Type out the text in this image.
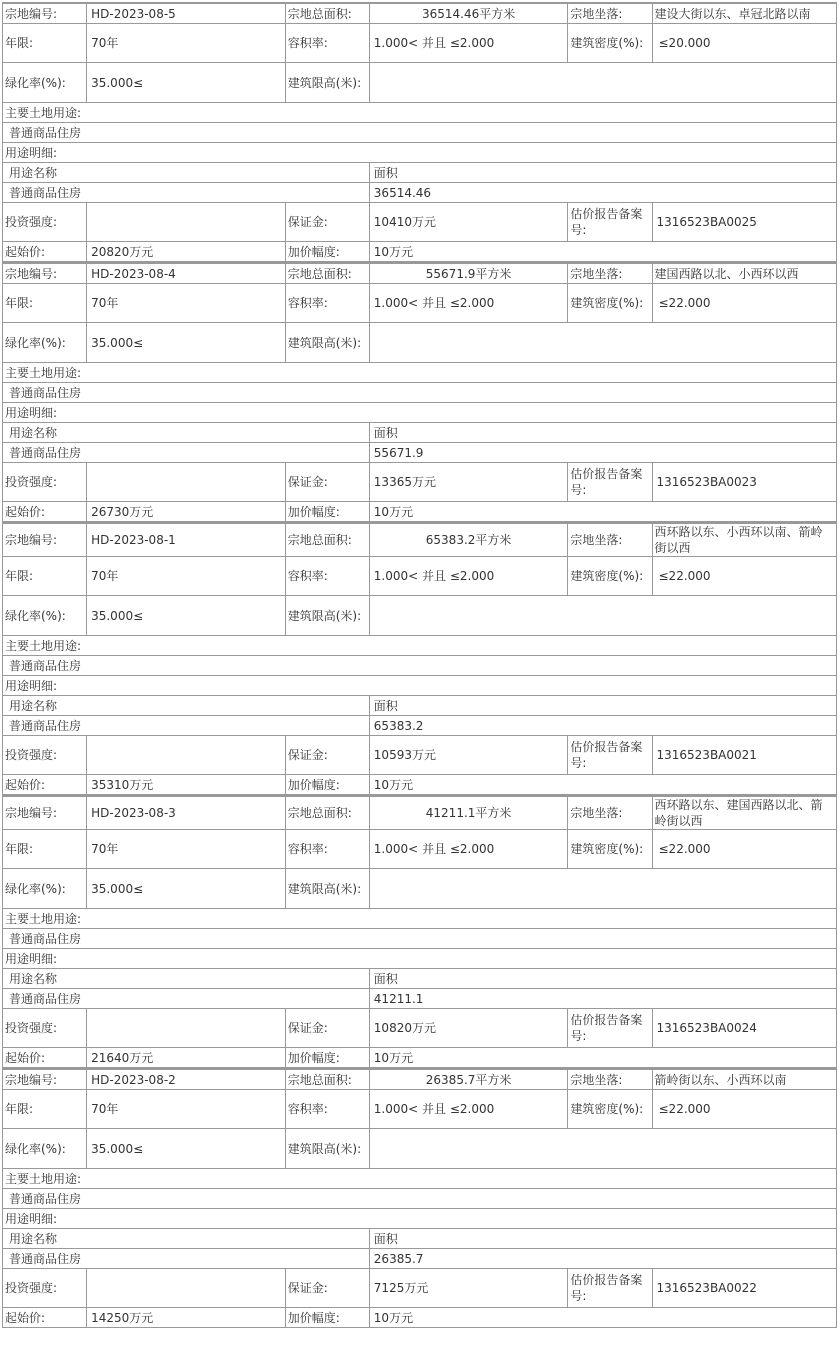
宗地编号:	HD-2023-08-5	宗地总面积:	36514.46平方米	宗地坐落:	建设大街以东、卓冠北路以南
年限:	70年	容积率:	1.000< 并且 ≤2.000	建筑密度(%):	≤20.000
绿化率(%):	35.000≤	建筑限高(米):			
主要土地用途:					
普通商品住房					
用途明细:					
用途名称			面积		
普通商品住房			36514.46		
投资强度:		保证金:	10410万元	估价报告备案号:	1316523BA0025
起始价:	20820万元	加价幅度:	10万元		
宗地编号:	HD-2023-08-4	宗地总面积:	55671.9平方米	宗地坐落:	建国西路以北、小西环以西
年限:	70年	容积率:	1.000< 并且 ≤2.000	建筑密度(%):	≤22.000
绿化率(%):	35.000≤	建筑限高(米):			
主要土地用途:					
普通商品住房					
用途明细:					
用途名称			面积		
普通商品住房			55671.9		
投资强度:		保证金:	13365万元	估价报告备案号:	1316523BA0023
起始价:	26730万元	加价幅度:	10万元		
宗地编号:	HD-2023-08-1	宗地总面积:	65383.2平方米	宗地坐落:	西环路以东、小西环以南、箭岭街以西
年限:	70年	容积率:	1.000< 并且 ≤2.000	建筑密度(%):	≤22.000
绿化率(%):	35.000≤	建筑限高(米):			
主要土地用途:					
普通商品住房					
用途明细:					
用途名称			面积		
普通商品住房			65383.2		
投资强度:		保证金:	10593万元	估价报告备案号:	1316523BA0021
起始价:	35310万元	加价幅度:	10万元		
宗地编号:	HD-2023-08-3	宗地总面积:	41211.1平方米	宗地坐落:	西环路以东、建国西路以北、箭岭街以西
年限:	70年	容积率:	1.000< 并且 ≤2.000	建筑密度(%):	≤22.000
绿化率(%):	35.000≤	建筑限高(米):			
主要土地用途:					
普通商品住房					
用途明细:					
用途名称			面积		
普通商品住房			41211.1		
投资强度:		保证金:	10820万元	估价报告备案号:	1316523BA0024
起始价:	21640万元	加价幅度:	10万元		
宗地编号:	HD-2023-08-2	宗地总面积:	26385.7平方米	宗地坐落:	箭岭街以东、小西环以南
年限:	70年	容积率:	1.000< 并且 ≤2.000	建筑密度(%):	≤22.000
绿化率(%):	35.000≤	建筑限高(米):			
主要土地用途:					
普通商品住房					
用途明细:					
用途名称			面积		
普通商品住房			26385.7		
投资强度:		保证金:	7125万元	估价报告备案号:	1316523BA0022
起始价:	14250万元	加价幅度:	10万元		
